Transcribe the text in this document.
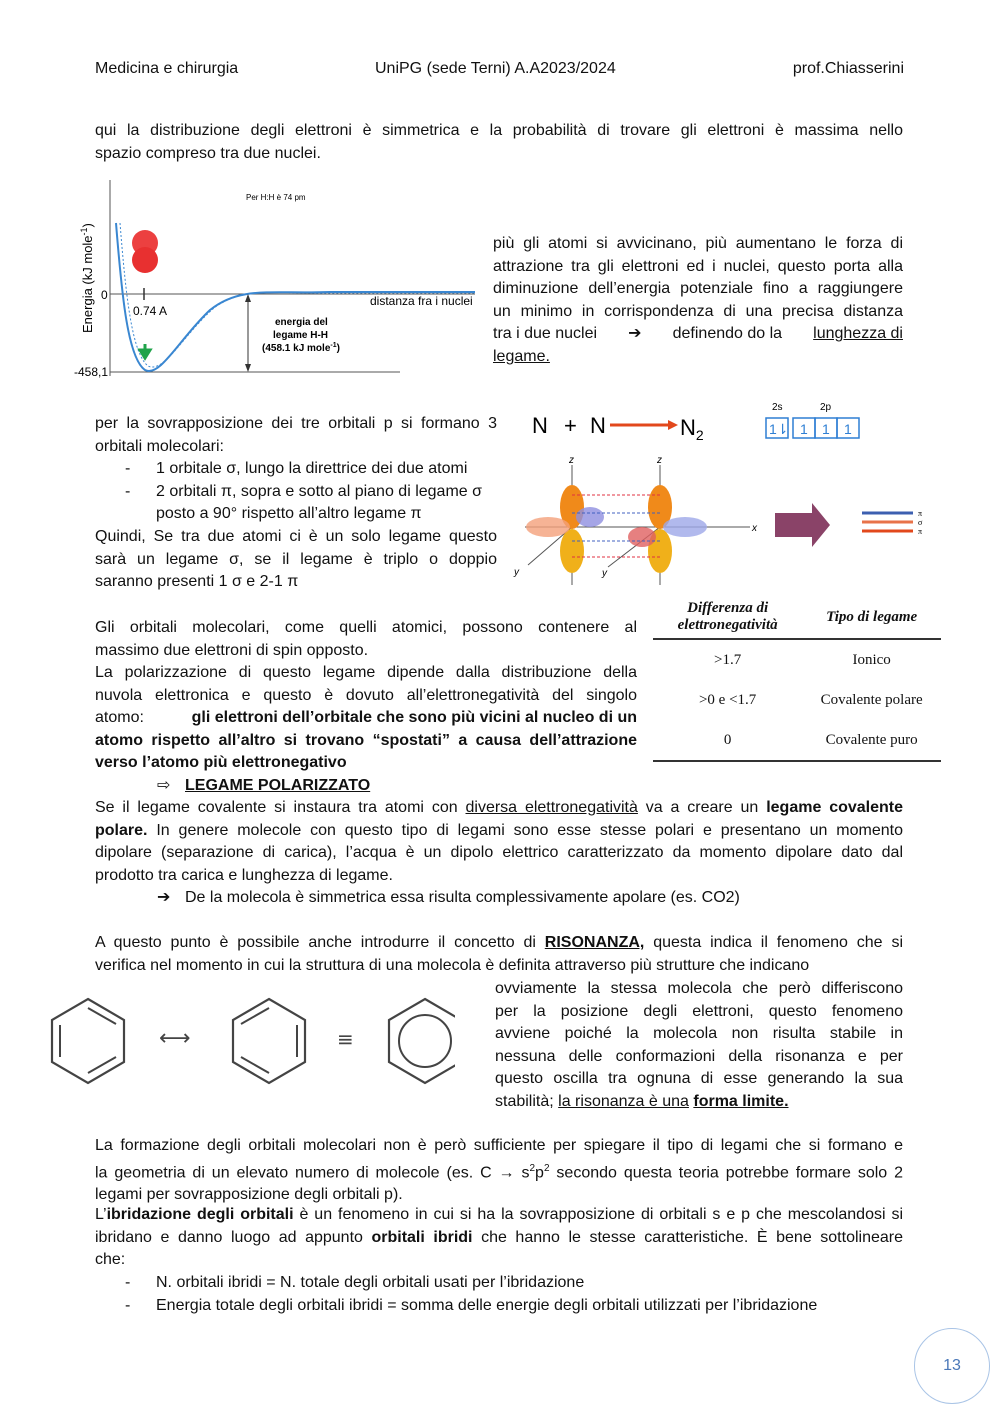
Medicina e chirurgia	UniPG (sede Terni) A.A2023/2024	prof.Chiasserini
qui la distribuzione degli elettroni è simmetrica e la probabilità di trovare gli elettroni è massima nello
spazio compreso tra due nuclei.
Energia (kJ mole$^{-1}$)
Per H:H è 74 pm
0
-458,1
0.74 A
distanza fra i nuclei
energia del
legame H-H
(458.1 kJ mole$^{-1}$)
più gli atomi si avvicinano, più aumentano le forza di
attrazione tra gli elettroni ed i nuclei, questo porta alla
diminuzione dell’energia potenziale fino a raggiungere
un minimo in corrispondenza di una precisa distanza
tra i due nuclei ➔ definendo do la lunghezza di
legame.
per la sovrapposizione dei tre orbitali p si formano 3
orbitali molecolari:
-	1 orbitale σ, lungo la direttrice dei due atomi
-	2 orbitali π, sopra e sotto al piano di legame σ
posto a 90° rispetto all’altro legame π
Quindi, Se tra due atomi ci è un solo legame questo
sarà un legame σ, se il legame è triplo o doppio
saranno presenti 1 σ e 2-1 π
N + N	$N_2$
2s	2p
1⇂ 1 1 1
z	z
x
y	y
π
σ
π
Differenza di
elettronegatività	Tipo di legame
>1.7	Ionico
>0 e <1.7	Covalente polare
0	Covalente puro
Gli orbitali molecolari, come quelli atomici, possono contenere al
massimo due elettroni di spin opposto.
La polarizzazione di questo legame dipende dalla distribuzione della
nuvola elettronica e questo è dovuto all’elettronegatività del singolo
atomo:	gli elettroni dell’orbitale che sono più vicini al nucleo di un
atomo rispetto all’altro si trovano “spostati” a causa dell’attrazione
verso l’atomo più elettronegativo
⇨ LEGAME POLARIZZATO
Se il legame covalente si instaura tra atomi con diversa elettronegatività va a creare un legame covalente
polare. In genere molecole con questo tipo di legami sono esse stesse polari e presentano un momento
dipolare (separazione di carica), l’acqua è un dipolo elettrico caratterizzato da momento dipolare dato dal
prodotto tra carica e lunghezza di legame.
➔ De la molecola è simmetrica essa risulta complessivamente apolare (es. CO2)
A questo punto è possibile anche introdurre il concetto di RISONANZA, questa indica il fenomeno che si
verifica nel momento in cui la struttura di una molecola è definita attraverso più strutture che indicano
⟷	≡
ovviamente la stessa molecola che però differiscono
per la posizione degli elettroni, questo fenomeno
avviene poiché la molecola non risulta stabile in
nessuna delle conformazioni della risonanza e per
questo oscilla tra ognuna di esse generando la sua
stabilità; la risonanza è una forma limite.
La formazione degli orbitali molecolari non è però sufficiente per spiegare il tipo di legami che si formano e
la geometria di un elevato numero di molecole (es. $C \to s^2p^2$ secondo questa teoria potrebbe formare solo 2
legami per sovrapposizione degli orbitali p).
L’ibridazione degli orbitali è un fenomeno in cui si ha la sovrapposizione di orbitali s e p che mescolandosi si
ibridano e danno luogo ad appunto orbitali ibridi che hanno le stesse caratteristiche. È bene sottolineare
che:
-	N. orbitali ibridi = N. totale degli orbitali usati per l’ibridazione
-	Energia totale degli orbitali ibridi = somma delle energie degli orbitali utilizzati per l’ibridazione
13
